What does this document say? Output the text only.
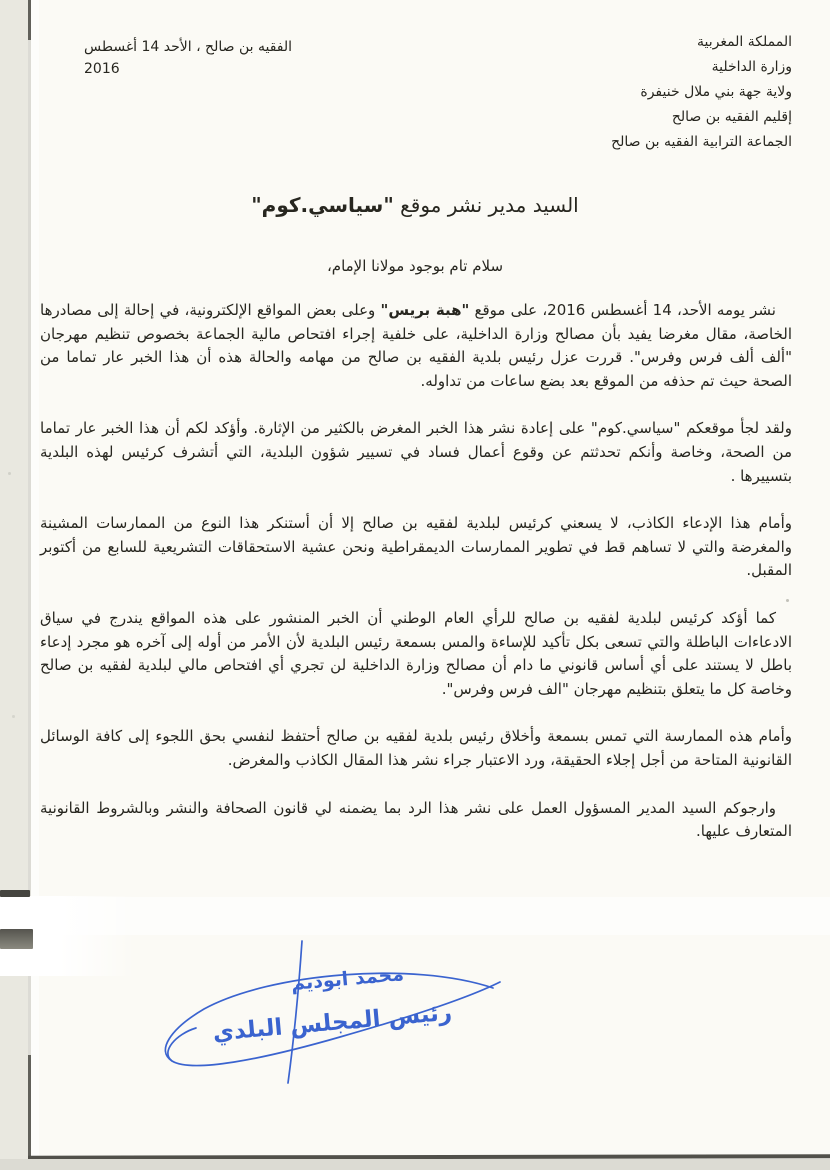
المملكة المغربية
وزارة الداخلية
ولاية جهة بني ملال خنيفرة
إقليم الفقيه بن صالح
الجماعة الترابية الفقيه بن صالح
الفقيه بن صالح ، الأحد 14 أغسطس
2016
السيد مدير نشر موقع "سياسي.كوم"
سلام تام بوجود مولانا الإمام،

نشر يومه الأحد، 14 أغسطس 2016، على موقع "هبة بريس" وعلى بعض المواقع الإلكترونية، في إحالة إلى مصادرها الخاصة، مقال مغرضا يفيد بأن مصالح وزارة الداخلية، على خلفية إجراء افتحاص مالية الجماعة بخصوص تنظيم مهرجان "ألف ألف فرس وفرس". قررت عزل رئيس بلدية الفقيه بن صالح من مهامه والحالة هذه أن هذا الخبر عار تماما من الصحة حيث تم حذفه من الموقع بعد بضع ساعات من تداوله.

ولقد لجأ موقعكم "سياسي.كوم" على إعادة نشر هذا الخبر المغرض بالكثير من الإثارة. وأؤكد لكم أن هذا الخبر عار تماما من الصحة، وخاصة وأنكم تحدثتم عن وقوع أعمال فساد في تسيير شؤون البلدية، التي أتشرف كرئيس لهذه البلدية بتسييرها .

وأمام هذا الإدعاء الكاذب، لا يسعني كرئيس لبلدية لفقيه بن صالح إلا أن أستنكر هذا النوع من الممارسات المشينة والمغرضة والتي لا تساهم قط في تطوير الممارسات الديمقراطية ونحن عشية الاستحقاقات التشريعية للسابع من أكتوبر المقبل.

كما أؤكد كرئيس لبلدية لفقيه بن صالح للرأي العام الوطني أن الخبر المنشور على هذه المواقع يندرج في سياق الادعاءات الباطلة والتي تسعى بكل تأكيد للإساءة والمس بسمعة رئيس البلدية لأن الأمر من أوله إلى آخره هو مجرد إدعاء باطل لا يستند على أي أساس قانوني ما دام أن مصالح وزارة الداخلية لن تجري أي افتحاص مالي لبلدية لفقيه بن صالح وخاصة كل ما يتعلق بتنظيم مهرجان "الف فرس وفرس".

وأمام هذه الممارسة التي تمس بسمعة وأخلاق رئيس بلدية لفقيه بن صالح أحتفظ لنفسي بحق اللجوء إلى كافة الوسائل القانونية المتاحة من أجل إجلاء الحقيقة، ورد الاعتبار جراء نشر هذا المقال الكاذب والمغرض.

وارجوكم السيد المدير المسؤول العمل على نشر هذا الرد بما يضمنه لي قانون الصحافة والنشر وبالشروط القانونية المتعارف عليها.

محمد ابوديم
رئيس المجلس البلدي
